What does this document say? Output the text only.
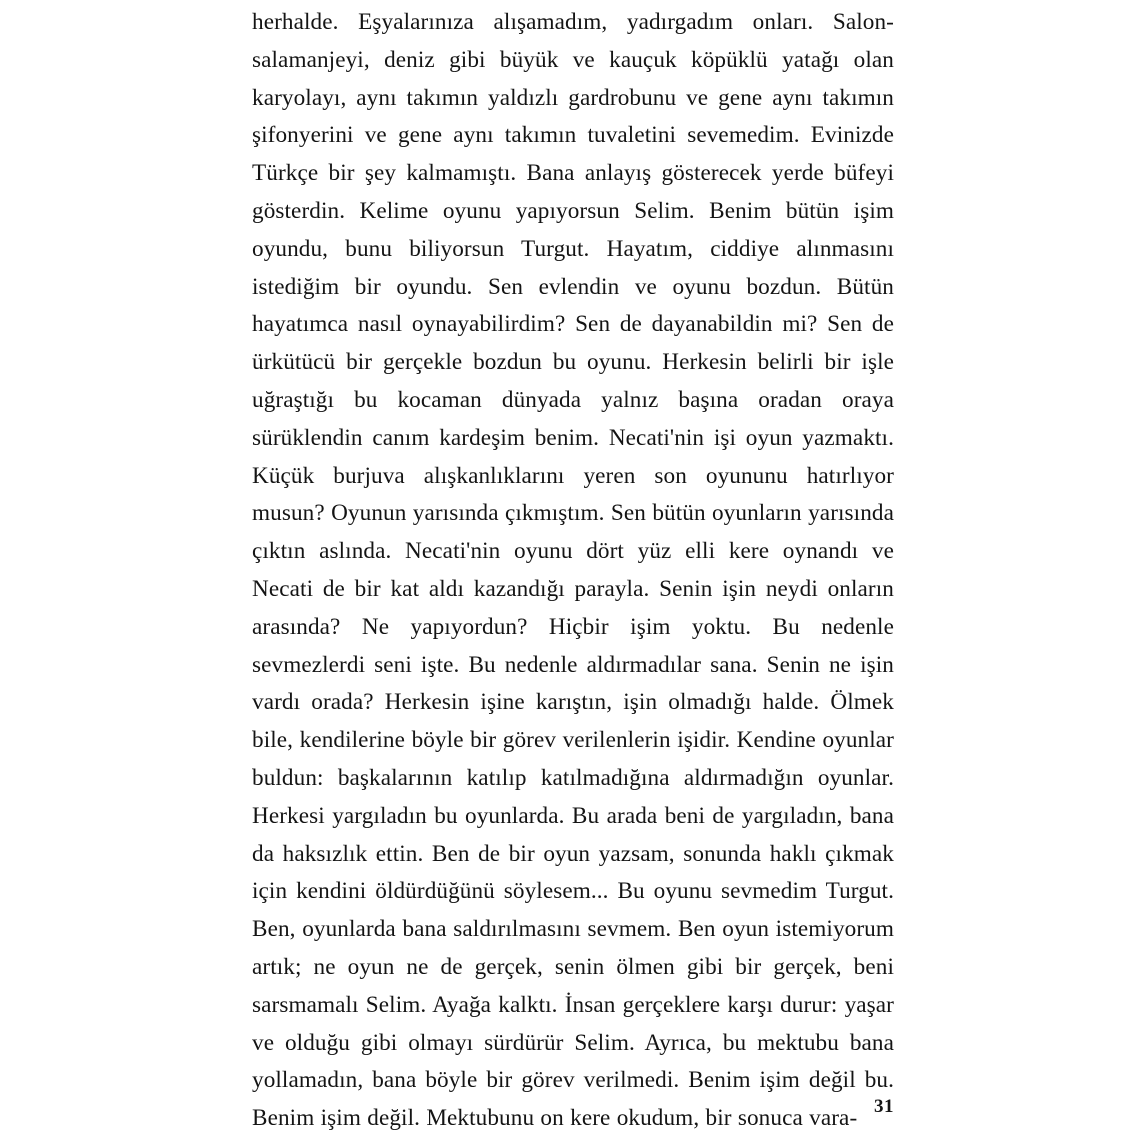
herhalde. Eşyalarınıza alışamadım, yadırgadım onları. Salon-salamanjeyi, deniz gibi büyük ve kauçuk köpüklü yatağı olan karyolayı, aynı takımın yaldızlı gardrobunu ve gene aynı takımın şifonyerini ve gene aynı takımın tuvaletini sevemedim. Evinizde Türkçe bir şey kalmamıştı. Bana anlayış gösterecek yerde büfeyi gösterdin. Kelime oyunu yapıyorsun Selim. Benim bütün işim oyundu, bunu biliyorsun Turgut. Hayatım, ciddiye alınmasını istediğim bir oyundu. Sen evlendin ve oyunu bozdun. Bütün hayatımca nasıl oynayabilirdim? Sen de dayanabildin mi? Sen de ürkütücü bir gerçekle bozdun bu oyunu. Herkesin belirli bir işle uğraştığı bu kocaman dünyada yalnız başına oradan oraya sürüklendin canım kardeşim benim. Necati'nin işi oyun yazmaktı. Küçük burjuva alışkanlıklarını yeren son oyununu hatırlıyor musun? Oyunun yarısında çıkmıştım. Sen bütün oyunların yarısında çıktın aslında. Necati'nin oyunu dört yüz elli kere oynandı ve Necati de bir kat aldı kazandığı parayla. Senin işin neydi onların arasında? Ne yapıyordun? Hiçbir işim yoktu. Bu nedenle sevmezlerdi seni işte. Bu nedenle aldırmadılar sana. Senin ne işin vardı orada? Herkesin işine karıştın, işin olmadığı halde. Ölmek bile, kendilerine böyle bir görev verilenlerin işidir. Kendine oyunlar buldun: başkalarının katılıp katılmadığına aldırmadığın oyunlar. Herkesi yargıladın bu oyunlarda. Bu arada beni de yargıladın, bana da haksızlık ettin. Ben de bir oyun yazsam, sonunda haklı çıkmak için kendini öldürdüğünü söylesem... Bu oyunu sevmedim Turgut. Ben, oyunlarda bana saldırılmasını sevmem. Ben oyun istemiyorum artık; ne oyun ne de gerçek, senin ölmen gibi bir gerçek, beni sarsmamalı Selim. Ayağa kalktı. İnsan gerçeklere karşı durur: yaşar ve olduğu gibi olmayı sürdürür Selim. Ayrıca, bu mektubu bana yollamadın, bana böyle bir görev verilmedi. Benim işim değil bu. Benim işim değil. Mektubunu on kere okudum, bir sonuca vara- 31
